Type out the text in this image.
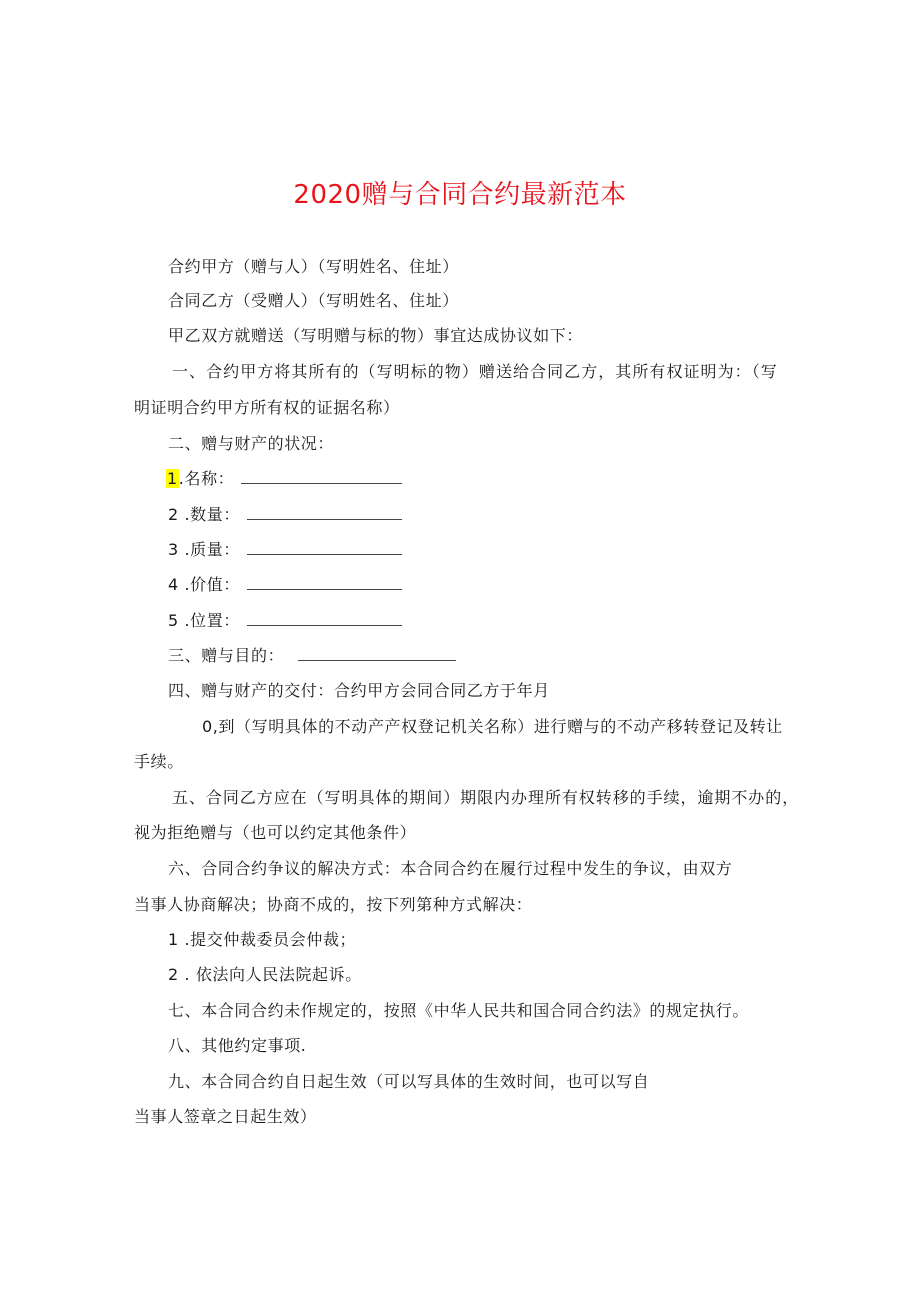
2020赠与合同合约最新范本
合约甲方（赠与人）（写明姓名、住址）
合同乙方（受赠人）（写明姓名、住址）
甲乙双方就赠送（写明赠与标的物）事宜达成协议如下：
一、合约甲方将其所有的（写明标的物）赠送给合同乙方，其所有权证明为：（写
明证明合约甲方所有权的证据名称）
二、赠与财产的状况：
1.名称：
2 .数量：
3 .质量：
4 .价值：
5 .位置：
三、赠与目的：
四、赠与财产的交付：合约甲方会同合同乙方于年月
0,到（写明具体的不动产产权登记机关名称）进行赠与的不动产移转登记及转让
手续。
五、合同乙方应在（写明具体的期间）期限内办理所有权转移的手续，逾期不办的，
视为拒绝赠与（也可以约定其他条件）
六、合同合约争议的解决方式：本合同合约在履行过程中发生的争议，由双方
当事人协商解决；协商不成的，按下列第种方式解决：
1 .提交仲裁委员会仲裁；
2 . 依法向人民法院起诉。
七、本合同合约未作规定的，按照《中华人民共和国合同合约法》的规定执行。
八、其他约定事项.
九、本合同合约自日起生效（可以写具体的生效时间，也可以写自
当事人签章之日起生效）
